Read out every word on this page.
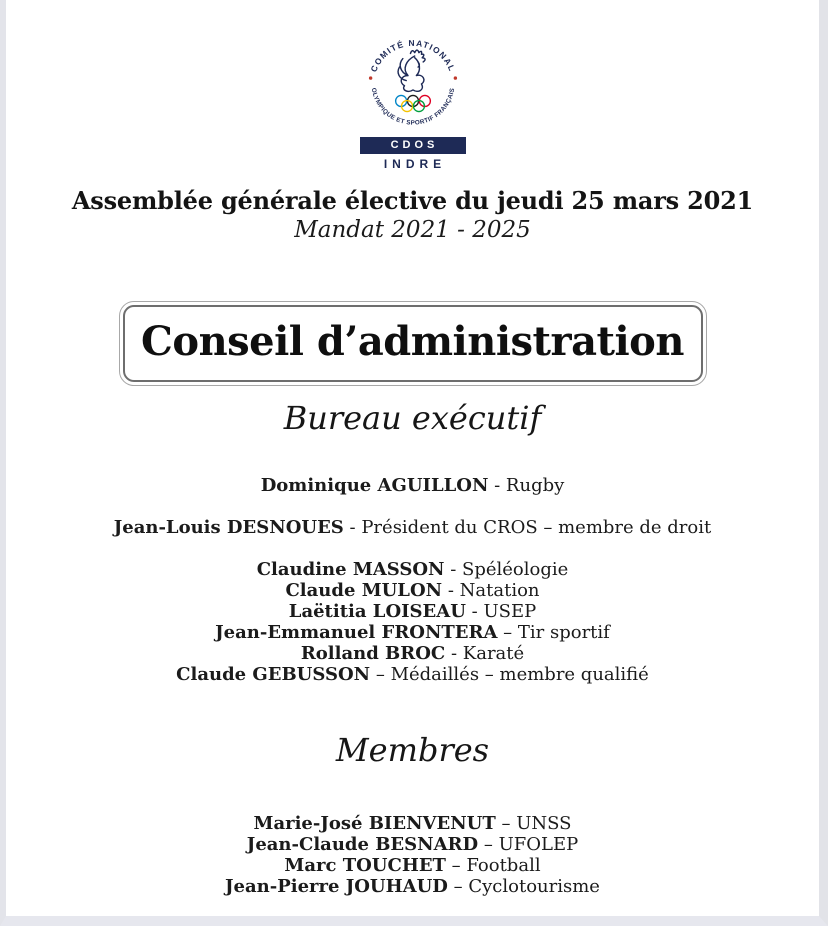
COMITÉ NATIONAL
OLYMPIQUE ET SPORTIF FRANÇAIS
CDOS
INDRE
Assemblée générale élective du jeudi 25 mars 2021
Mandat 2021 - 2025
Conseil d’administration
Bureau exécutif
Dominique AGUILLON - Rugby
Jean-Louis DESNOUES - Président du CROS – membre de droit
Claudine MASSON - Spéléologie
Claude MULON - Natation
Laëtitia LOISEAU - USEP
Jean-Emmanuel FRONTERA – Tir sportif
Rolland BROC - Karaté
Claude GEBUSSON – Médaillés – membre qualifié
Membres
Marie-José BIENVENUT – UNSS
Jean-Claude BESNARD – UFOLEP
Marc TOUCHET – Football
Jean-Pierre JOUHAUD – Cyclotourisme
